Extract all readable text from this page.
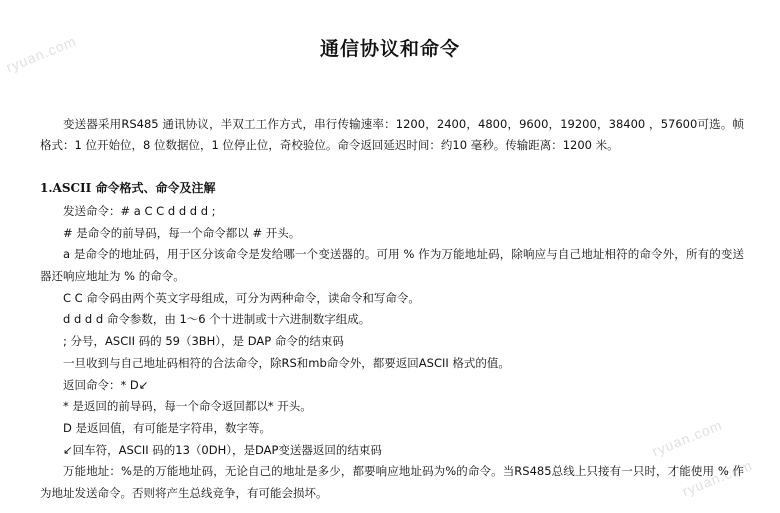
ryuan.com
ryuan.com
ryuan.com
通信协议和命令
变送器采用RS485 通讯协议，半双工工作方式，串行传输速率：1200，2400，4800，9600，19200，38400 ，57600可选。帧格式：1 位开始位，8 位数据位，1 位停止位，奇校验位。命令返回延迟时间：约10 毫秒。传输距离：1200 米。
1.ASCII 命令格式、命令及注解
发送命令：# a C C d d d d ;
# 是命令的前导码，每一个命令都以 # 开头。
a 是命令的地址码，用于区分该命令是发给哪一个变送器的。可用 % 作为万能地址码，除响应与自己地址相符的命令外，所有的变送器还响应地址为 % 的命令。
C C 命令码由两个英文字母组成，可分为两种命令，读命令和写命令。
d d d d 命令参数，由 1～6 个十进制或十六进制数字组成。
; 分号，ASCII 码的 59（3BH），是 DAP 命令的结束码
一旦收到与自己地址码相符的合法命令，除RS和mb命令外，都要返回ASCII 格式的值。
返回命令：* D↙
* 是返回的前导码，每一个命令返回都以* 开头。
D 是返回值，有可能是字符串，数字等。
↙回车符，ASCII 码的13（0DH），是DAP变送器返回的结束码
万能地址：%是的万能地址码，无论自己的地址是多少，都要响应地址码为%的命令。当RS485总线上只接有一只时，才能使用 % 作为地址发送命令。否则将产生总线竞争，有可能会损坏。
